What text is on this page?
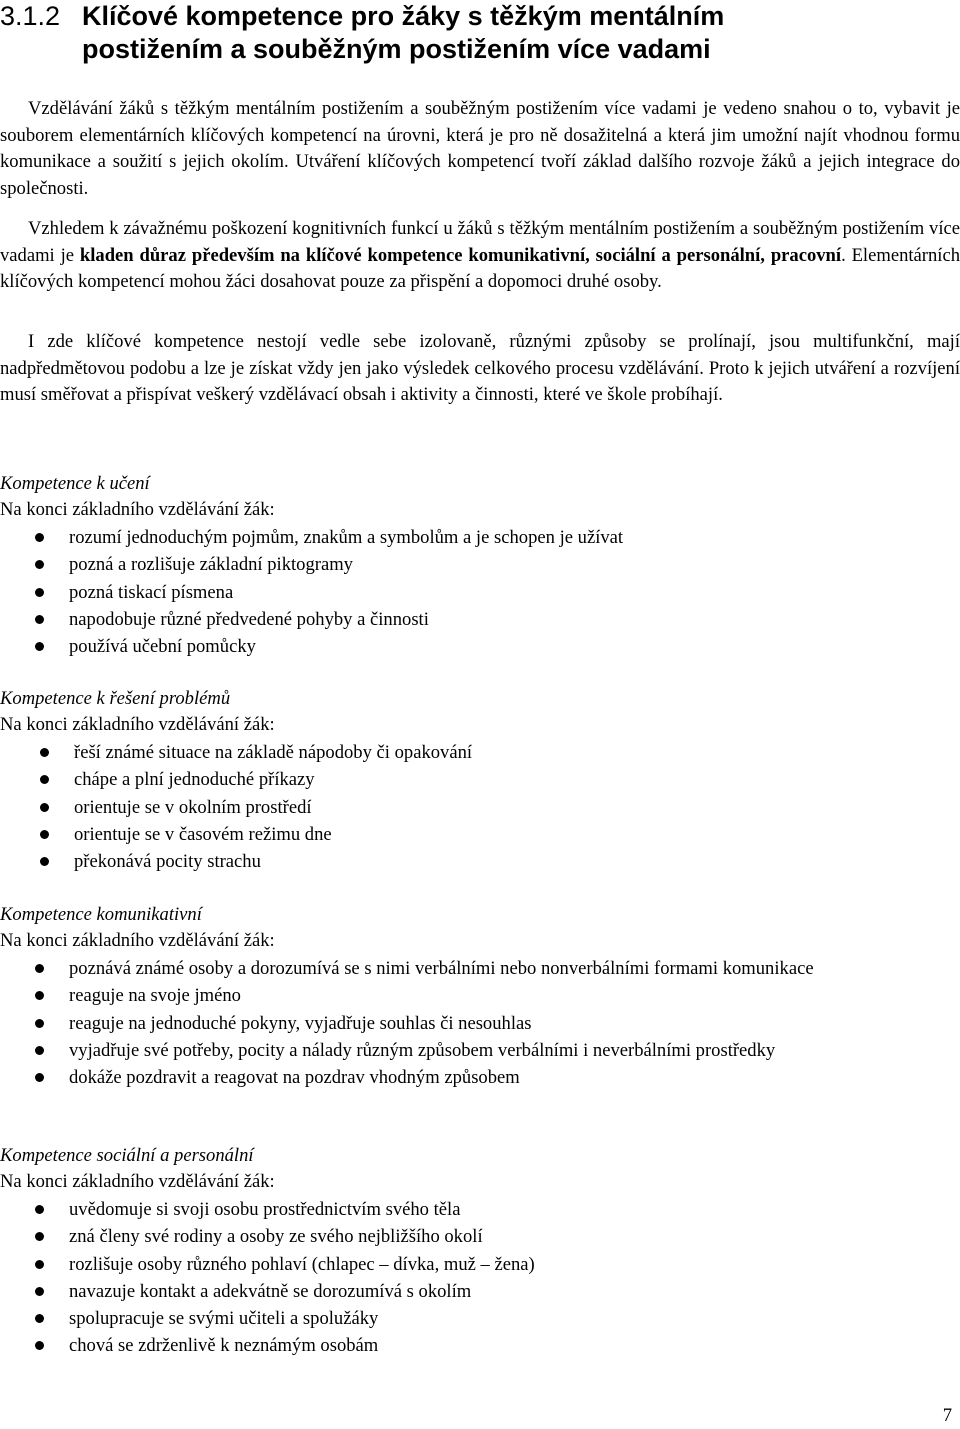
3.1.2 Klíčové kompetence pro žáky s těžkým mentálním
postižením a souběžným postižením více vadami

Vzdělávání žáků s těžkým mentálním postižením a souběžným postižením více vadami je vedeno snahou o to, vybavit je souborem elementárních klíčových kompetencí na úrovni, která je pro ně dosažitelná a která jim umožní najít vhodnou formu komunikace a soužití s jejich okolím. Utváření klíčových kompetencí tvoří základ dalšího rozvoje žáků a jejich integrace do společnosti.

Vzhledem k závažnému poškození kognitivních funkcí u žáků s těžkým mentálním postižením a souběžným postižením více vadami je kladen důraz především na klíčové kompetence komunikativní, sociální a personální, pracovní. Elementárních klíčových kompetencí mohou žáci dosahovat pouze za přispění a dopomoci druhé osoby.

I zde klíčové kompetence nestojí vedle sebe izolovaně, různými způsoby se prolínají, jsou multifunkční, mají nadpředmětovou podobu a lze je získat vždy jen jako výsledek celkového procesu vzdělávání. Proto k jejich utváření a rozvíjení musí směřovat a přispívat veškerý vzdělávací obsah i aktivity a činnosti, které ve škole probíhají.

Kompetence k učení

Na konci základního vzdělávání žák:

rozumí jednoduchým pojmům, znakům a symbolům a je schopen je užívat
pozná a rozlišuje základní piktogramy
pozná tiskací písmena
napodobuje různé předvedené pohyby a činnosti
používá učební pomůcky

Kompetence k řešení problémů

Na konci základního vzdělávání žák:

řeší známé situace na základě nápodoby či opakování
chápe a plní jednoduché příkazy
orientuje se v okolním prostředí
orientuje se v časovém režimu dne
překonává pocity strachu

Kompetence komunikativní

Na konci základního vzdělávání žák:

poznává známé osoby a dorozumívá se s nimi verbálními nebo nonverbálními formami komunikace
reaguje na svoje jméno
reaguje na jednoduché pokyny, vyjadřuje souhlas či nesouhlas
vyjadřuje své potřeby, pocity a nálady různým způsobem verbálními i neverbálními prostředky
dokáže pozdravit a reagovat na pozdrav vhodným způsobem

Kompetence sociální a personální

Na konci základního vzdělávání žák:

uvědomuje si svoji osobu prostřednictvím svého těla
zná členy své rodiny a osoby ze svého nejbližšího okolí
rozlišuje osoby různého pohlaví (chlapec – dívka, muž – žena)
navazuje kontakt a adekvátně se dorozumívá s okolím
spolupracuje se svými učiteli a spolužáky
chová se zdrženlivě k neznámým osobám
7
